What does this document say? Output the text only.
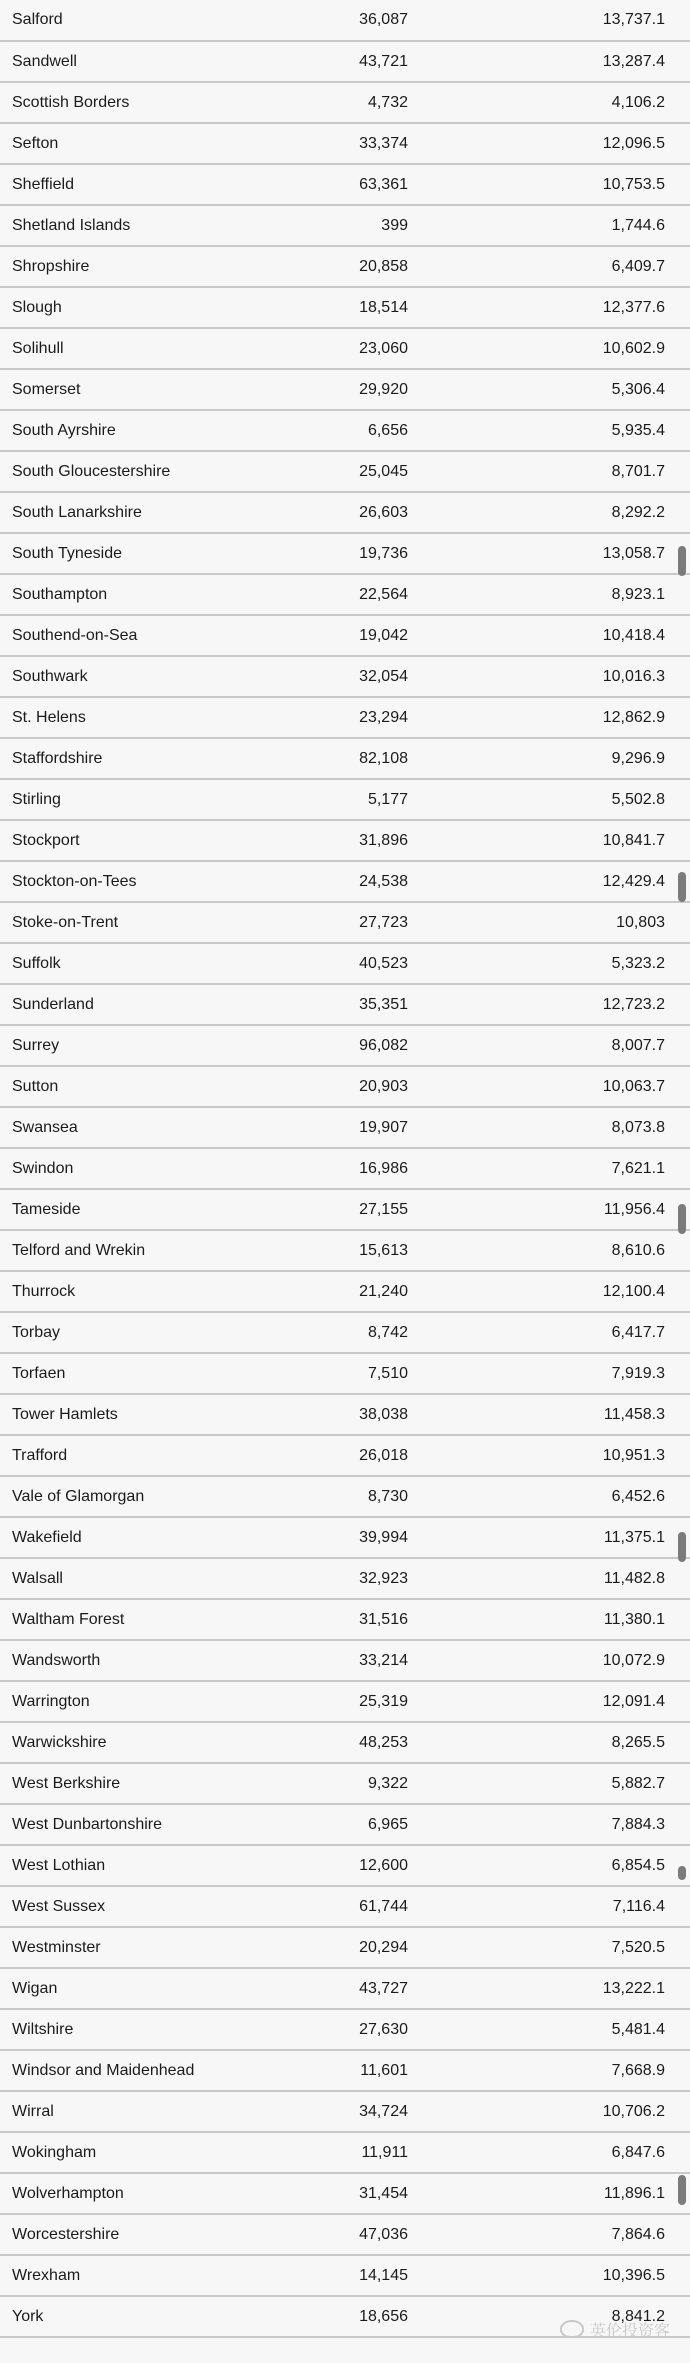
Salford	36,087	13,737.1
Sandwell	43,721	13,287.4
Scottish Borders	4,732	4,106.2
Sefton	33,374	12,096.5
Sheffield	63,361	10,753.5
Shetland Islands	399	1,744.6
Shropshire	20,858	6,409.7
Slough	18,514	12,377.6
Solihull	23,060	10,602.9
Somerset	29,920	5,306.4
South Ayrshire	6,656	5,935.4
South Gloucestershire	25,045	8,701.7
South Lanarkshire	26,603	8,292.2
South Tyneside	19,736	13,058.7
Southampton	22,564	8,923.1
Southend-on-Sea	19,042	10,418.4
Southwark	32,054	10,016.3
St. Helens	23,294	12,862.9
Staffordshire	82,108	9,296.9
Stirling	5,177	5,502.8
Stockport	31,896	10,841.7
Stockton-on-Tees	24,538	12,429.4
Stoke-on-Trent	27,723	10,803
Suffolk	40,523	5,323.2
Sunderland	35,351	12,723.2
Surrey	96,082	8,007.7
Sutton	20,903	10,063.7
Swansea	19,907	8,073.8
Swindon	16,986	7,621.1
Tameside	27,155	11,956.4
Telford and Wrekin	15,613	8,610.6
Thurrock	21,240	12,100.4
Torbay	8,742	6,417.7
Torfaen	7,510	7,919.3
Tower Hamlets	38,038	11,458.3
Trafford	26,018	10,951.3
Vale of Glamorgan	8,730	6,452.6
Wakefield	39,994	11,375.1
Walsall	32,923	11,482.8
Waltham Forest	31,516	11,380.1
Wandsworth	33,214	10,072.9
Warrington	25,319	12,091.4
Warwickshire	48,253	8,265.5
West Berkshire	9,322	5,882.7
West Dunbartonshire	6,965	7,884.3
West Lothian	12,600	6,854.5
West Sussex	61,744	7,116.4
Westminster	20,294	7,520.5
Wigan	43,727	13,222.1
Wiltshire	27,630	5,481.4
Windsor and Maidenhead	11,601	7,668.9
Wirral	34,724	10,706.2
Wokingham	11,911	6,847.6
Wolverhampton	31,454	11,896.1
Worcestershire	47,036	7,864.6
Wrexham	14,145	10,396.5
York	18,656	8,841.2
英伦投资客
